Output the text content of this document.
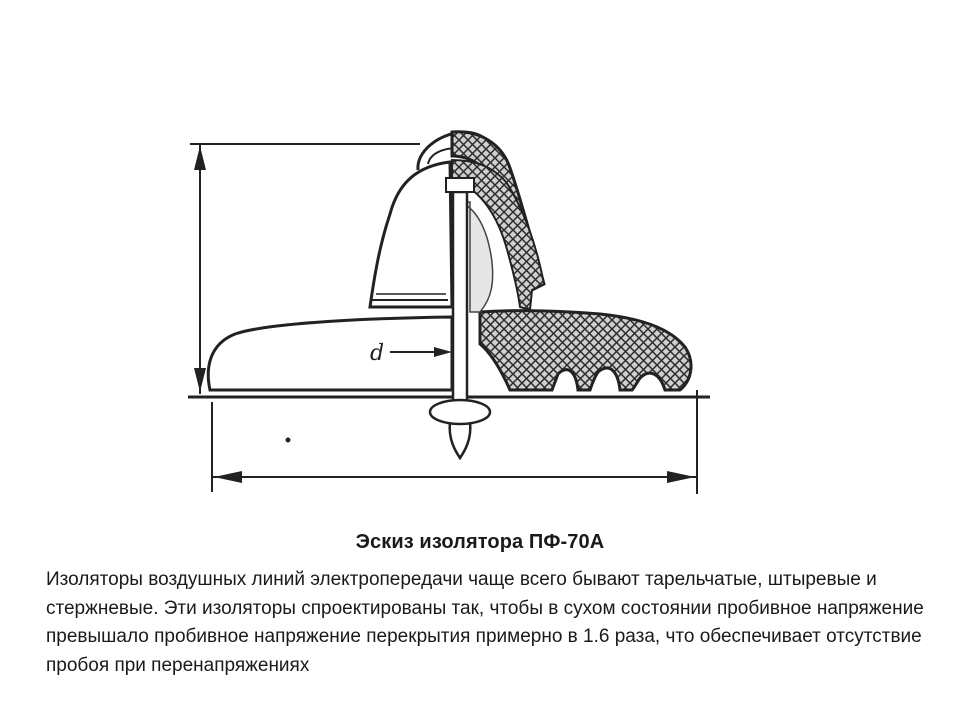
d
h
D
Эскиз изолятора ПФ-70А
Изоляторы воздушных линий электропередачи чаще всего бывают тарельчатые, штыревые и стержневые. Эти изоляторы спроектированы так, чтобы в сухом состоянии пробивное напряжение превышало пробивное напряжение перекрытия примерно в 1.6 раза, что обеспечивает отсутствие пробоя при перенапряжениях
